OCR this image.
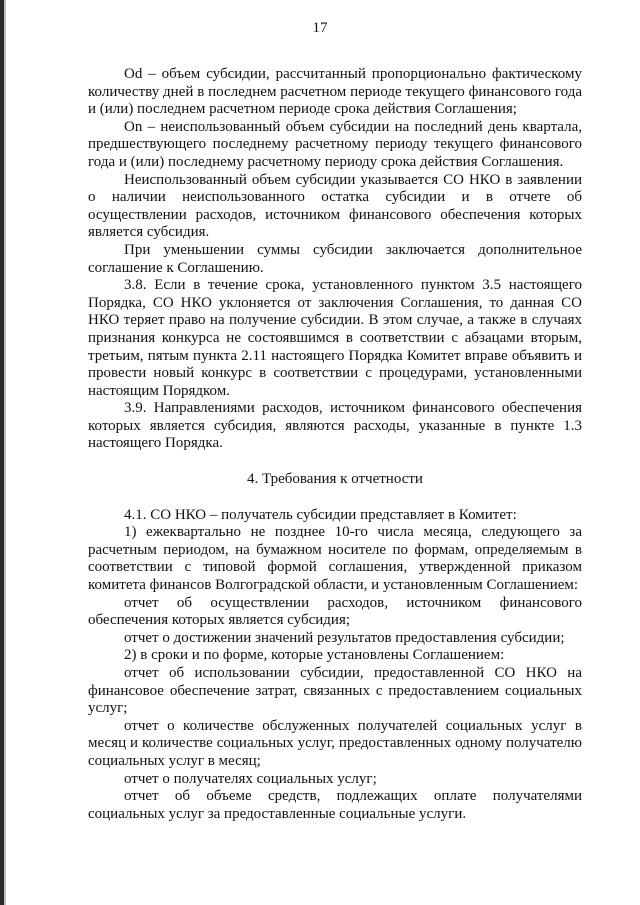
17

Od – объем субсидии, рассчитанный пропорционально фактическому количеству дней в последнем расчетном периоде текущего финансового года и (или) последнем расчетном периоде срока действия Соглашения;

On – неиспользованный объем субсидии на последний день квартала, предшествующего последнему расчетному периоду текущего финансового года и (или) последнему расчетному периоду срока действия Соглашения.

Неиспользованный объем субсидии указывается СО НКО в заявлении о наличии неиспользованного остатка субсидии и в отчете об осуществлении расходов, источником финансового обеспечения которых является субсидия.

При уменьшении суммы субсидии заключается дополнительное соглашение к Соглашению.

3.8. Если в течение срока, установленного пунктом 3.5 настоящего Порядка, СО НКО уклоняется от заключения Соглашения, то данная СО НКО теряет право на получение субсидии. В этом случае, а также в случаях признания конкурса не состоявшимся в соответствии с абзацами вторым, третьим, пятым пункта 2.11 настоящего Порядка Комитет вправе объявить и провести новый конкурс в соответствии с процедурами, установленными настоящим Порядком.

3.9. Направлениями расходов, источником финансового обеспечения которых является субсидия, являются расходы, указанные в пункте 1.3 настоящего Порядка.

4. Требования к отчетности

4.1. СО НКО – получатель субсидии представляет в Комитет:

1) ежеквартально не позднее 10-го числа месяца, следующего за расчетным периодом, на бумажном носителе по формам, определяемым в соответствии с типовой формой соглашения, утвержденной приказом комитета финансов Волгоградской области, и установленным Соглашением:

отчет об осуществлении расходов, источником финансового обеспечения которых является субсидия;

отчет о достижении значений результатов предоставления субсидии;

2) в сроки и по форме, которые установлены Соглашением:

отчет об использовании субсидии, предоставленной СО НКО на финансовое обеспечение затрат, связанных с предоставлением социальных услуг;

отчет о количестве обслуженных получателей социальных услуг в месяц и количестве социальных услуг, предоставленных одному получателю социальных услуг в месяц;

отчет о получателях социальных услуг;

отчет об объеме средств, подлежащих оплате получателями социальных услуг за предоставленные социальные услуги.
